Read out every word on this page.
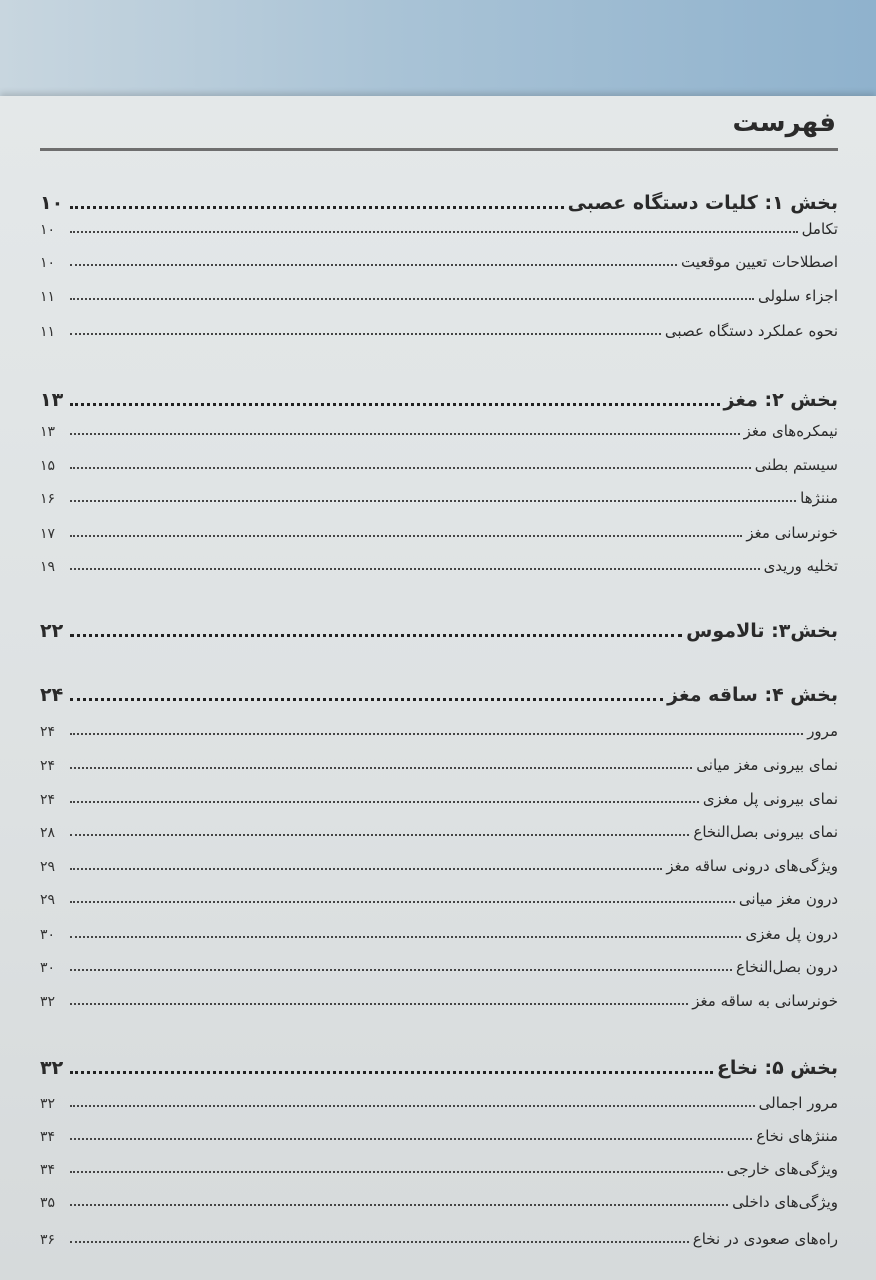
فهرست
بخش ۱: کلیات دستگاه عصبی
۱۰
تکامل
۱۰
اصطلاحات تعیین موقعیت
۱۰
اجزاء سلولی
۱۱
نحوه عملکرد دستگاه عصبی
۱۱
بخش ۲: مغز
۱۳
نیمکره‌های مغز
۱۳
سیستم بطنی
۱۵
مننژها
۱۶
خونرسانی مغز
۱۷
تخلیه وریدی
۱۹
بخش۳: تالاموس
۲۲
بخش ۴: ساقه مغز
۲۴
مرور
۲۴
نمای بیرونی مغز میانی
۲۴
نمای بیرونی پل مغزی
۲۴
نمای بیرونی بصل‌النخاع
۲۸
ویژگی‌های درونی ساقه مغز
۲۹
درون مغز میانی
۲۹
درون پل مغزی
۳۰
درون بصل‌النخاع
۳۰
خونرسانی به ساقه مغز
۳۲
بخش ۵: نخاع
۳۲
مرور اجمالی
۳۲
مننژهای نخاع
۳۴
ویژگی‌های خارجی
۳۴
ویژگی‌های داخلی
۳۵
راه‌های صعودی در نخاع
۳۶
